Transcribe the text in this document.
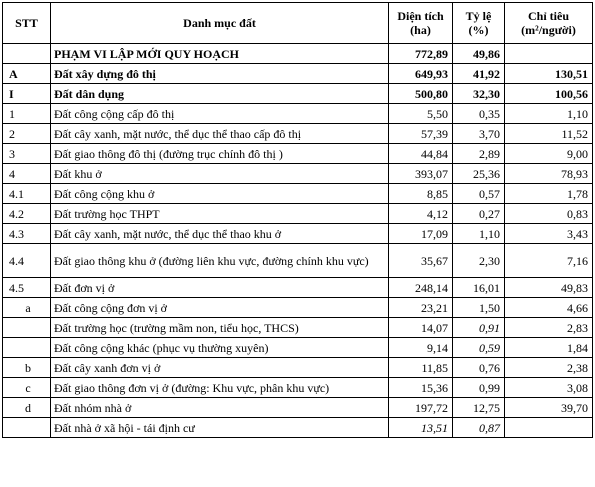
STT	Danh mục đất	Diện tích (ha)	Tỷ lệ (%)	Chỉ tiêu (m²/người)
	PHẠM VI LẬP MỚI QUY HOẠCH	772,89	49,86	
A	Đất xây dựng đô thị	649,93	41,92	130,51
I	Đất dân dụng	500,80	32,30	100,56
1	Đất công cộng cấp đô thị	5,50	0,35	1,10
2	Đất cây xanh, mặt nước, thể dục thể thao cấp đô thị	57,39	3,70	11,52
3	Đất giao thông đô thị (đường trục chính đô thị )	44,84	2,89	9,00
4	Đất khu ở	393,07	25,36	78,93
4.1	Đất công cộng khu ở	8,85	0,57	1,78
4.2	Đất trường học THPT	4,12	0,27	0,83
4.3	Đất cây xanh, mặt nước, thể dục thể thao khu ở	17,09	1,10	3,43
4.4	Đất giao thông khu ở (đường liên khu vực, đường chính khu vực)	35,67	2,30	7,16
4.5	Đất đơn vị ở	248,14	16,01	49,83
a	Đất công cộng đơn vị ở	23,21	1,50	4,66
	Đất trường học (trường mầm non, tiểu học, THCS)	14,07	0,91	2,83
	Đất công cộng khác (phục vụ thường xuyên)	9,14	0,59	1,84
b	Đất cây xanh đơn vị ở	11,85	0,76	2,38
c	Đất giao thông đơn vị ở (đường: Khu vực, phân khu vực)	15,36	0,99	3,08
d	Đất nhóm nhà ở	197,72	12,75	39,70
	Đất nhà ở xã hội - tái định cư	13,51	0,87	
